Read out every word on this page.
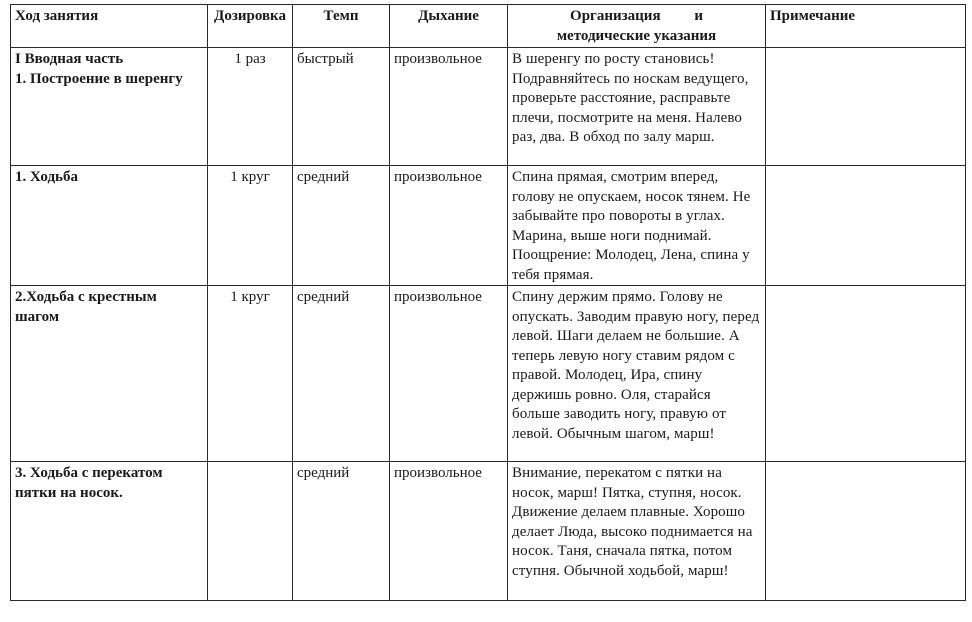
Ход занятия	Дозировка	Темп	Дыхание	Организация         и
методические указания	Примечание

I Вводная часть
1. Построение в шеренгу	1 раз	быстрый	произвольное	В шеренгу по росту становись! Подравняйтесь по носкам ведущего, проверьте расстояние, расправьте плечи, посмотрите на меня. Налево раз, два. В обход по залу марш.	

1. Ходьба	1 круг	средний	произвольное	Спина прямая, смотрим вперед, голову не опускаем, носок тянем. Не забывайте про повороты в углах. Марина, выше ноги поднимай. Поощрение: Молодец, Лена, спина у тебя прямая.	

2.Ходьба с крестным шагом	1 круг	средний	произвольное	Спину держим прямо. Голову не опускать. Заводим правую ногу, перед левой. Шаги делаем не большие. А теперь левую ногу ставим рядом с правой. Молодец, Ира, спину держишь ровно. Оля, старайся больше заводить ногу, правую от левой. Обычным шагом, марш!	

3. Ходьба с перекатом пятки на носок.		средний	произвольное	Внимание, перекатом с пятки на носок, марш! Пятка, ступня, носок. Движение делаем плавные. Хорошо делает Люда, высоко поднимается на носок. Таня, сначала пятка, потом ступня. Обычной ходьбой, марш!	
